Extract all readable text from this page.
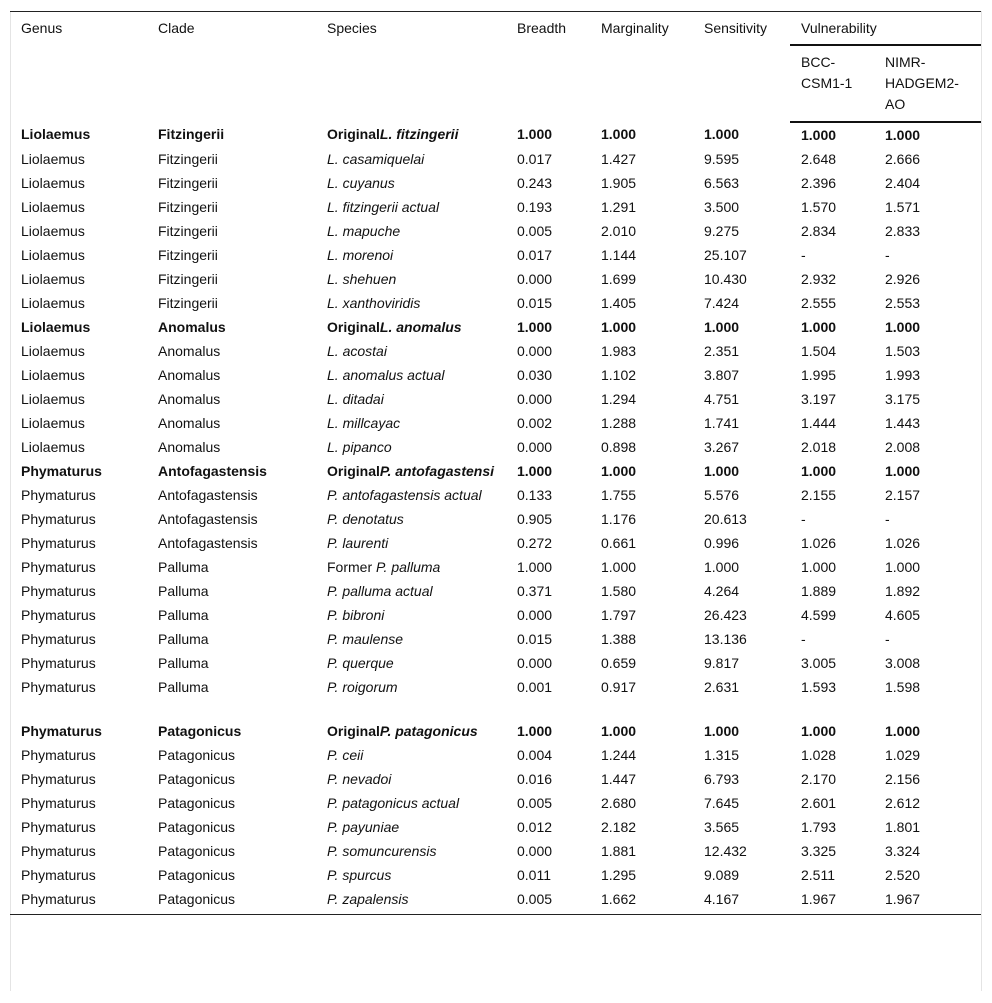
Genus	Clade	Species	Breadth	Marginality	Sensitivity	Vulnerability	
						BCC-CSM1-1	NIMR-HADGEM2-AO
Liolaemus	Fitzingerii	OriginalL. fitzingerii	1.000	1.000	1.000	1.000	1.000
Liolaemus	Fitzingerii	L. casamiquelai	0.017	1.427	9.595	2.648	2.666
Liolaemus	Fitzingerii	L. cuyanus	0.243	1.905	6.563	2.396	2.404
Liolaemus	Fitzingerii	L. fitzingerii actual	0.193	1.291	3.500	1.570	1.571
Liolaemus	Fitzingerii	L. mapuche	0.005	2.010	9.275	2.834	2.833
Liolaemus	Fitzingerii	L. morenoi	0.017	1.144	25.107	-	-
Liolaemus	Fitzingerii	L. shehuen	0.000	1.699	10.430	2.932	2.926
Liolaemus	Fitzingerii	L. xanthoviridis	0.015	1.405	7.424	2.555	2.553
Liolaemus	Anomalus	OriginalL. anomalus	1.000	1.000	1.000	1.000	1.000
Liolaemus	Anomalus	L. acostai	0.000	1.983	2.351	1.504	1.503
Liolaemus	Anomalus	L. anomalus actual	0.030	1.102	3.807	1.995	1.993
Liolaemus	Anomalus	L. ditadai	0.000	1.294	4.751	3.197	3.175
Liolaemus	Anomalus	L. millcayac	0.002	1.288	1.741	1.444	1.443
Liolaemus	Anomalus	L. pipanco	0.000	0.898	3.267	2.018	2.008
Phymaturus	Antofagastensis	OriginalP. antofagastensi	1.000	1.000	1.000	1.000	1.000
Phymaturus	Antofagastensis	P. antofagastensis actual	0.133	1.755	5.576	2.155	2.157
Phymaturus	Antofagastensis	P. denotatus	0.905	1.176	20.613	-	-
Phymaturus	Antofagastensis	P. laurenti	0.272	0.661	0.996	1.026	1.026
Phymaturus	Palluma	Former P. palluma	1.000	1.000	1.000	1.000	1.000
Phymaturus	Palluma	P. palluma actual	0.371	1.580	4.264	1.889	1.892
Phymaturus	Palluma	P. bibroni	0.000	1.797	26.423	4.599	4.605
Phymaturus	Palluma	P. maulense	0.015	1.388	13.136	-	-
Phymaturus	Palluma	P. querque	0.000	0.659	9.817	3.005	3.008
Phymaturus	Palluma	P. roigorum	0.001	0.917	2.631	1.593	1.598

Phymaturus	Patagonicus	OriginalP. patagonicus	1.000	1.000	1.000	1.000	1.000
Phymaturus	Patagonicus	P. ceii	0.004	1.244	1.315	1.028	1.029
Phymaturus	Patagonicus	P. nevadoi	0.016	1.447	6.793	2.170	2.156
Phymaturus	Patagonicus	P. patagonicus actual	0.005	2.680	7.645	2.601	2.612
Phymaturus	Patagonicus	P. payuniae	0.012	2.182	3.565	1.793	1.801
Phymaturus	Patagonicus	P. somuncurensis	0.000	1.881	12.432	3.325	3.324
Phymaturus	Patagonicus	P. spurcus	0.011	1.295	9.089	2.511	2.520
Phymaturus	Patagonicus	P. zapalensis	0.005	1.662	4.167	1.967	1.967
